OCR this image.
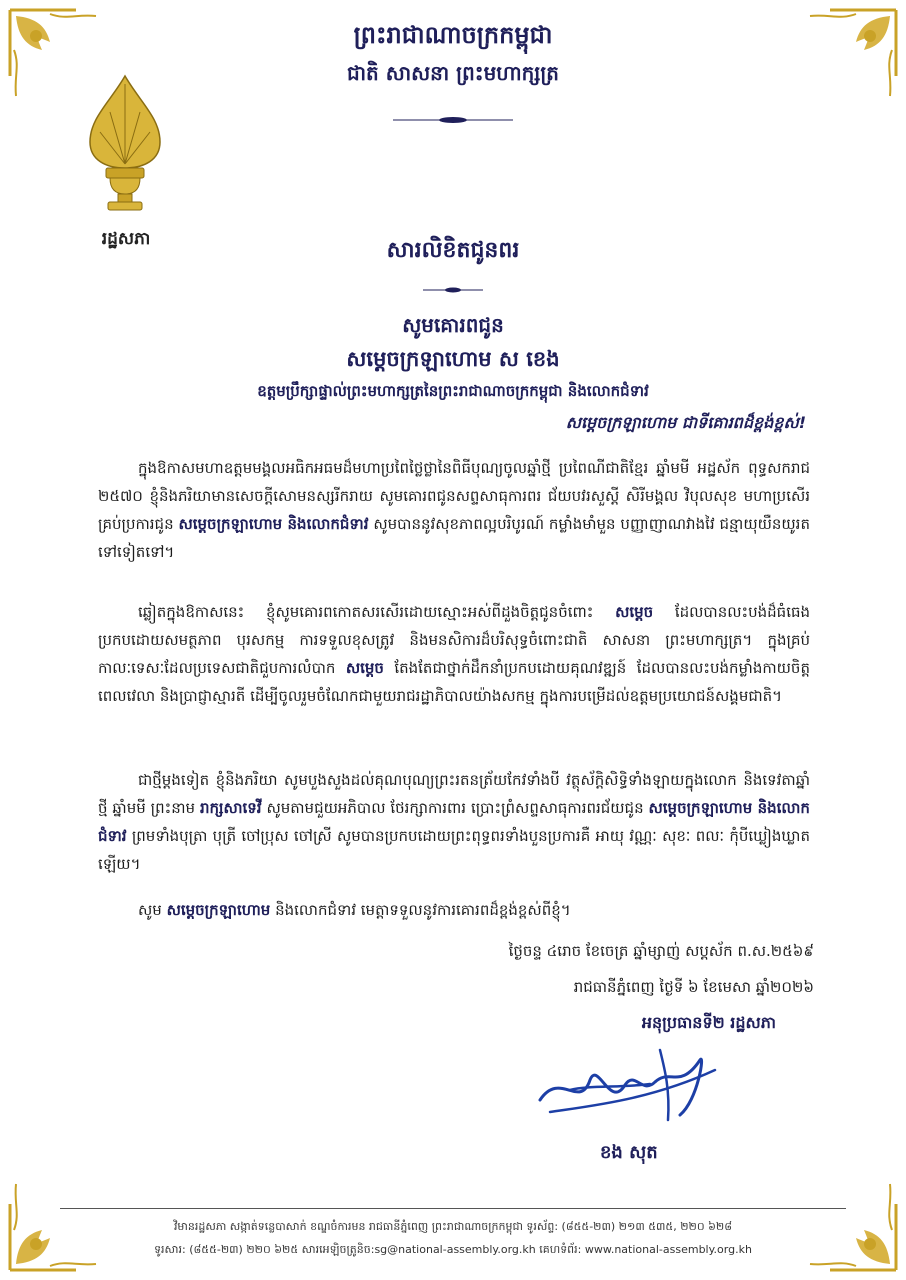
រដ្ឋសភា
ព្រះរាជាណាចក្រកម្ពុជា
ជាតិ សាសនា ព្រះមហាក្សត្រ
សារលិខិតជូនពរ
សូមគោរពជូន
សម្តេចក្រឡាហោម ស ខេង
ឧត្តមប្រឹក្សាផ្ទាល់ព្រះមហាក្សត្រនៃព្រះរាជាណាចក្រកម្ពុជា និងលោកជំទាវ
សម្តេចក្រឡាហោម ជាទីគោរពដ៏ខ្ពង់ខ្ពស់!
ក្នុងឱកាសមហាឧត្តមមង្គលអធិកអធមដ៏មហាប្រពៃថ្លៃថ្លានៃពិធីបុណ្យចូលឆ្នាំថ្មី ប្រពៃណីជាតិខ្មែរ ឆ្នាំមមី អដ្ឋស័ក ពុទ្ធសករាជ ២៥៧០ ខ្ញុំនិងភរិយាមានសេចក្តីសោមនស្សរីករាយ សូមគោរពជូនសព្ទសាធុការពរ ជ័យបវរសួស្តី សិរីមង្គល វិបុលសុខ មហាប្រសើរគ្រប់ប្រការជូន សម្តេចក្រឡាហោម និងលោកជំទាវ សូមបាននូវសុខភាពល្អបរិបូរណ៍ កម្លាំងមាំមួន បញ្ញាញាណវាងវៃ ជន្មាយុយឺនយូរតទៅទៀតទៅ។
ឆ្លៀតក្នុងឱកាសនេះ ខ្ញុំសូមគោរពកោតសរសើរដោយស្មោះអស់ពីដួងចិត្តជូនចំពោះ សម្តេច ដែលបានលះបង់ដ៏ធំធេងប្រកបដោយសមត្ថភាព បុរសកម្ម ការទទួលខុសត្រូវ និងមនសិការដ៏បរិសុទ្ធចំពោះជាតិ សាសនា ព្រះមហាក្សត្រ។ ក្នុងគ្រប់កាលៈទេសៈដែលប្រទេសជាតិជួបការលំបាក សម្តេច តែងតែជាថ្នាក់ដឹកនាំប្រកបដោយគុណវឌ្ឍន៍ ដែលបានលះបង់កម្លាំងកាយចិត្ត ពេលវេលា និងប្រាជ្ញាស្មារតី ដើម្បីចូលរួមចំណែកជាមួយរាជរដ្ឋាភិបាលយ៉ាងសកម្ម ក្នុងការបម្រើដល់ឧត្តមប្រយោជន៍សង្គមជាតិ។
ជាថ្មីម្តងទៀត ខ្ញុំនិងភរិយា សូមបួងសួងដល់គុណបុណ្យព្រះរតនត្រ័យកែវទាំងបី វត្ថុស័ក្តិសិទ្ធិទាំងឡាយក្នុងលោក និងទេវតាឆ្នាំថ្មី ឆ្នាំមមី ព្រះនាម រាក្សសាទេវី សូមតាមជួយអភិបាល ថែរក្សាការពារ ប្រោះព្រំសព្ទសាធុការពរជ័យជូន សម្តេចក្រឡាហោម និងលោកជំទាវ ព្រមទាំងបុត្រា បុត្រី ចៅប្រុស ចៅស្រី សូមបានប្រកបដោយព្រះពុទ្ធពរទាំងបួនប្រការគឺ អាយុ វណ្ណៈ សុខៈ ពលៈ កុំបីឃ្លៀងឃ្លាតឡើយ។
សូម សម្តេចក្រឡាហោម និងលោកជំទាវ មេត្តាទទួលនូវការគោរពដ៏ខ្ពង់ខ្ពស់ពីខ្ញុំ។
ថ្ងៃចន្ទ ៤រោច ខែចេត្រ ឆ្នាំម្សាញ់ សប្តស័ក ព.ស.២៥៦៩
រាជធានីភ្នំពេញ ថ្ងៃទី ៦ ខែមេសា ឆ្នាំ២០២៦
អនុប្រធានទី២ រដ្ឋសភា
ខង សុត
វិមានរដ្ឋសភា សង្កាត់ទន្លេបាសាក់ ខណ្ឌចំការមន រាជធានីភ្នំពេញ ព្រះរាជាណាចក្រកម្ពុជា ទូរស័ព្ទ: (៨៥៥-២៣) ២១៣ ៥៣៥, ២២០ ៦២៨
ទូរសារ: (៨៥៥-២៣) ២២០ ៦២៥ សារអេឡិចត្រូនិច:sg@national-assembly.org.kh គេហទំព័រ: www.national-assembly.org.kh
